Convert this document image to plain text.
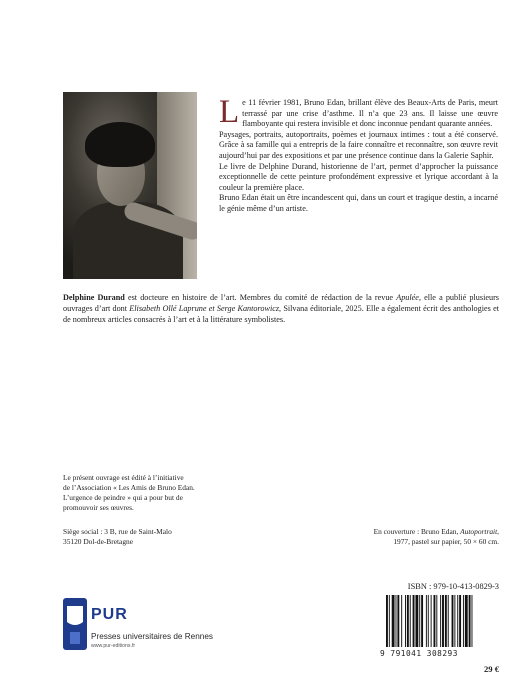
Le 11 février 1981, Bruno Edan, brillant élève des Beaux-Arts de Paris, meurt terrassé par une crise d’asthme. Il n’a que 23 ans. Il laisse une œuvre flamboyante qui restera invisible et donc inconnue pendant quarante années.

Paysages, portraits, autoportraits, poèmes et journaux intimes : tout a été conservé. Grâce à sa famille qui a entrepris de la faire connaître et reconnaître, son œuvre revit aujourd’hui par des expositions et par une présence continue dans la Galerie Saphir.

Le livre de Delphine Durand, historienne de l’art, permet d’approcher la puissance exceptionnelle de cette peinture profondément expressive et lyrique accordant à la couleur la première place.

Bruno Edan était un être incandescent qui, dans un court et tragique destin, a incarné le génie même d’un artiste.

Delphine Durand est docteure en histoire de l’art. Membres du comité de rédaction de la revue Apulée, elle a publié plusieurs ouvrages d’art dont Elisabeth Ollé Laprune et Serge Kantorowicz, Silvana éditoriale, 2025. Elle a également écrit des anthologies et de nombreux articles consacrés à l’art et à la littérature symbolistes.

Le présent ouvrage est édité à l’initiative
de l’Association « Les Amis de Bruno Edan.
L’urgence de peindre » qui a pour but de
promouvoir ses œuvres.

Siège social : 3 B, rue de Saint-Malo
35120 Dol-de-Bretagne

En couverture : Bruno Edan, Autoportrait,
1977, pastel sur papier, 50 × 60 cm.

ISBN : 979-10-413-0829-3
9 791041 308293
29 €
PUR
Presses universitaires de Rennes
www.pur-editions.fr
